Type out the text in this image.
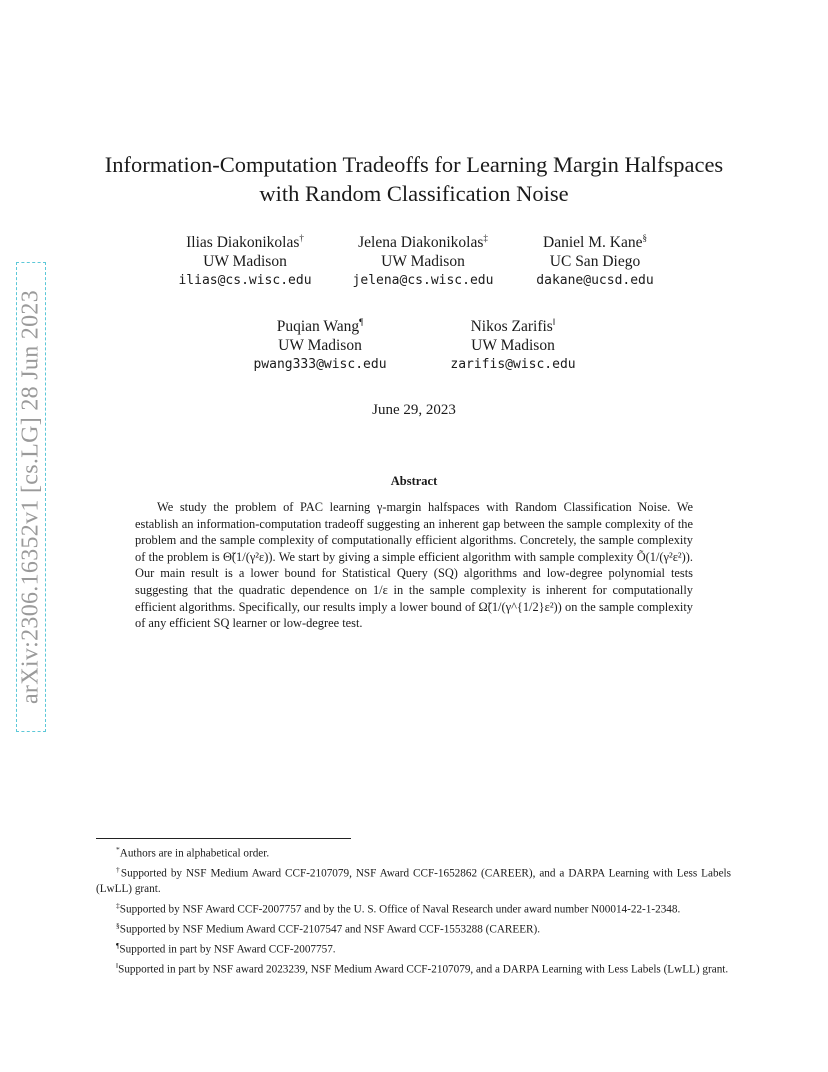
arXiv:2306.16352v1 [cs.LG] 28 Jun 2023
Information-Computation Tradeoffs for Learning Margin Halfspaces
with Random Classification Noise
Ilias Diakonikolas†
UW Madison
ilias@cs.wisc.edu
Jelena Diakonikolas‡
UW Madison
jelena@cs.wisc.edu
Daniel M. Kane§
UC San Diego
dakane@ucsd.edu
Puqian Wang¶
UW Madison
pwang333@wisc.edu
Nikos Zarifis‖
UW Madison
zarifis@wisc.edu
June 29, 2023
Abstract
We study the problem of PAC learning γ-margin halfspaces with Random Classification Noise. We establish an information-computation tradeoff suggesting an inherent gap between the sample complexity of the problem and the sample complexity of computationally efficient algorithms. Concretely, the sample complexity of the problem is Θ̃(1/(γ²ε)). We start by giving a simple efficient algorithm with sample complexity Õ(1/(γ²ε²)). Our main result is a lower bound for Statistical Query (SQ) algorithms and low-degree polynomial tests suggesting that the quadratic dependence on 1/ε in the sample complexity is inherent for computationally efficient algorithms. Specifically, our results imply a lower bound of Ω̃(1/(γ^{1/2}ε²)) on the sample complexity of any efficient SQ learner or low-degree test.

*Authors are in alphabetical order.

†Supported by NSF Medium Award CCF-2107079, NSF Award CCF-1652862 (CAREER), and a DARPA Learning with Less Labels (LwLL) grant.

‡Supported by NSF Award CCF-2007757 and by the U. S. Office of Naval Research under award number N00014-22-1-2348.

§Supported by NSF Medium Award CCF-2107547 and NSF Award CCF-1553288 (CAREER).

¶Supported in part by NSF Award CCF-2007757.

‖Supported in part by NSF award 2023239, NSF Medium Award CCF-2107079, and a DARPA Learning with Less Labels (LwLL) grant.
